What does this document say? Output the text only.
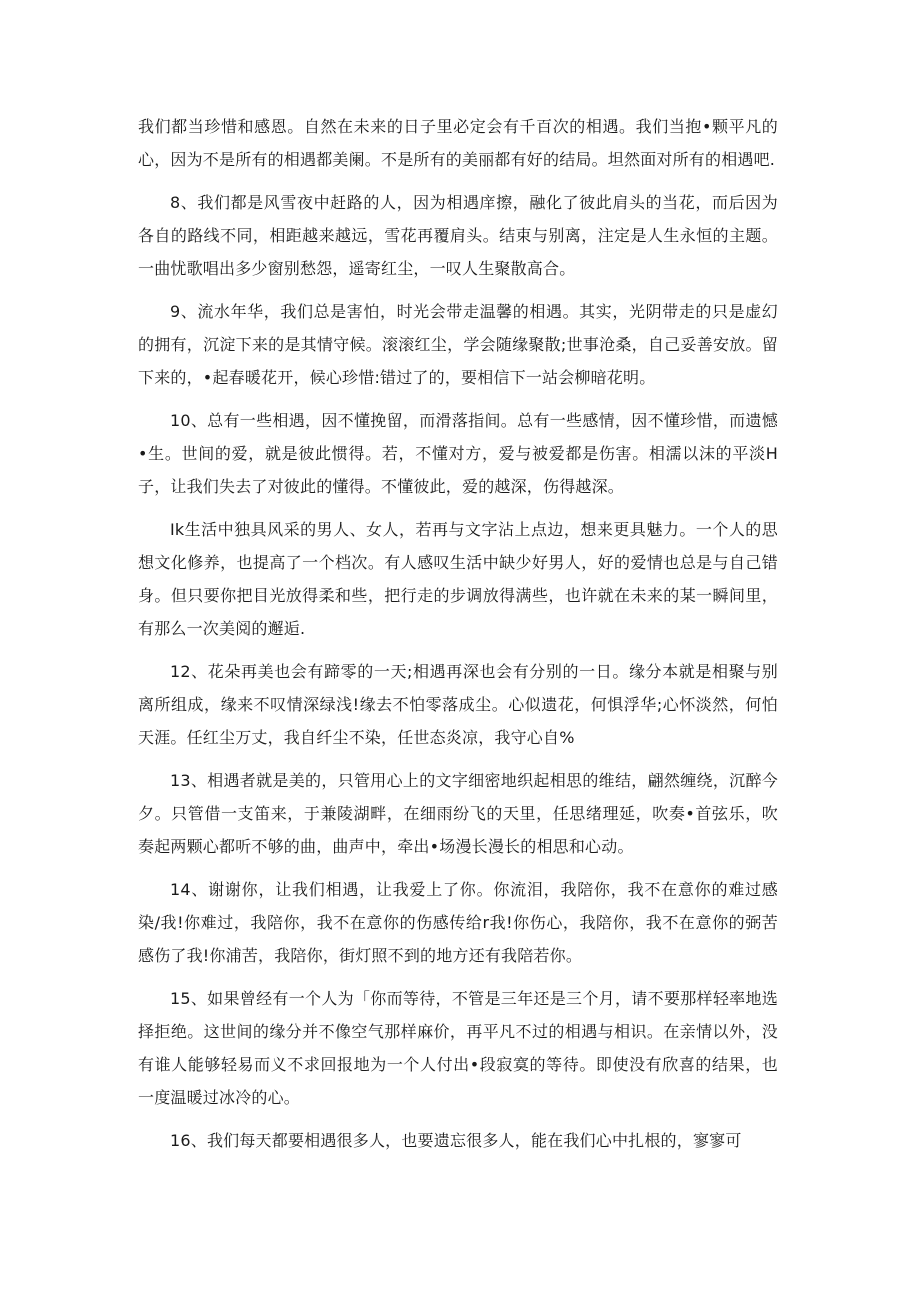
我们都当珍惜和感恩。自然在未来的日子里必定会有千百次的相遇。我们当抱•颗平凡的心，因为不是所有的相遇都美阑。不是所有的美丽都有好的结局。坦然面对所有的相遇吧.

8、我们都是风雪夜中赶路的人，因为相遇庠擦，融化了彼此肩头的当花，而后因为各自的路线不同，相距越来越远，雪花再覆肩头。结束与别离，注定是人生永恒的主题。一曲忧歌唱出多少窗别愁怨，遥寄红尘，一叹人生聚散高合。

9、流水年华，我们总是害怕，时光会带走温馨的相遇。其实，光阴带走的只是虚幻的拥有，沉淀下来的是其情守候。滚滚红尘，学会随缘聚散;世事沧桑，自己妥善安放。留下来的，•起春暖花开，候心珍惜:错过了的，要相信下一站会柳暗花明。

10、总有一些相遇，因不懂挽留，而滑落指间。总有一些感情，因不懂珍惜，而遗憾•生。世间的爱，就是彼此惯得。若，不懂对方，爱与被爱都是伤害。相濡以沫的平淡H子，让我们失去了对彼此的懂得。不懂彼此，爱的越深，伤得越深。

Ik生活中独具风采的男人、女人，若再与文字沾上点边，想来更具魅力。一个人的思想文化修养，也提高了一个档次。有人感叹生活中缺少好男人，好的爱情也总是与自己错身。但只要你把目光放得柔和些，把行走的步调放得满些，也许就在未来的某一瞬间里，有那么一次美阅的邂逅.

12、花朵再美也会有蹄零的一天;相遇再深也会有分别的一日。缘分本就是相聚与别离所组成，缘来不叹情深绿浅!缘去不怕零落成尘。心似遗花，何惧浮华;心怀淡然，何怕天涯。任红尘万丈，我自纤尘不染，任世态炎凉，我守心自%

13、相遇者就是美的，只管用心上的文字细密地织起相思的维结，翩然缠绕，沉醉今夕。只管借一支笛来，于兼陵湖畔，在细雨纷飞的天里，任思绪理延，吹奏•首弦乐，吹奏起两颗心都听不够的曲，曲声中，牵出•场漫长漫长的相思和心动。

14、谢谢你，让我们相遇，让我爱上了你。你流泪，我陪你，我不在意你的难过感染/我!你难过，我陪你，我不在意你的伤感传给r我!你伤心，我陪你，我不在意你的弼苦感伤了我!你浦苦，我陪你，街灯照不到的地方还有我陪若你。

15、如果曾经有一个人为「你而等待，不管是三年还是三个月，请不要那样轻率地选择拒绝。这世间的缘分并不像空气那样麻价，再平凡不过的相遇与相识。在亲情以外，没有谁人能够轻易而义不求回报地为一个人付出•段寂寞的等待。即使没有欣喜的结果，也一度温暖过冰冷的心。

16、我们每天都要相遇很多人，也要遗忘很多人，能在我们心中扎根的，寥寥可
